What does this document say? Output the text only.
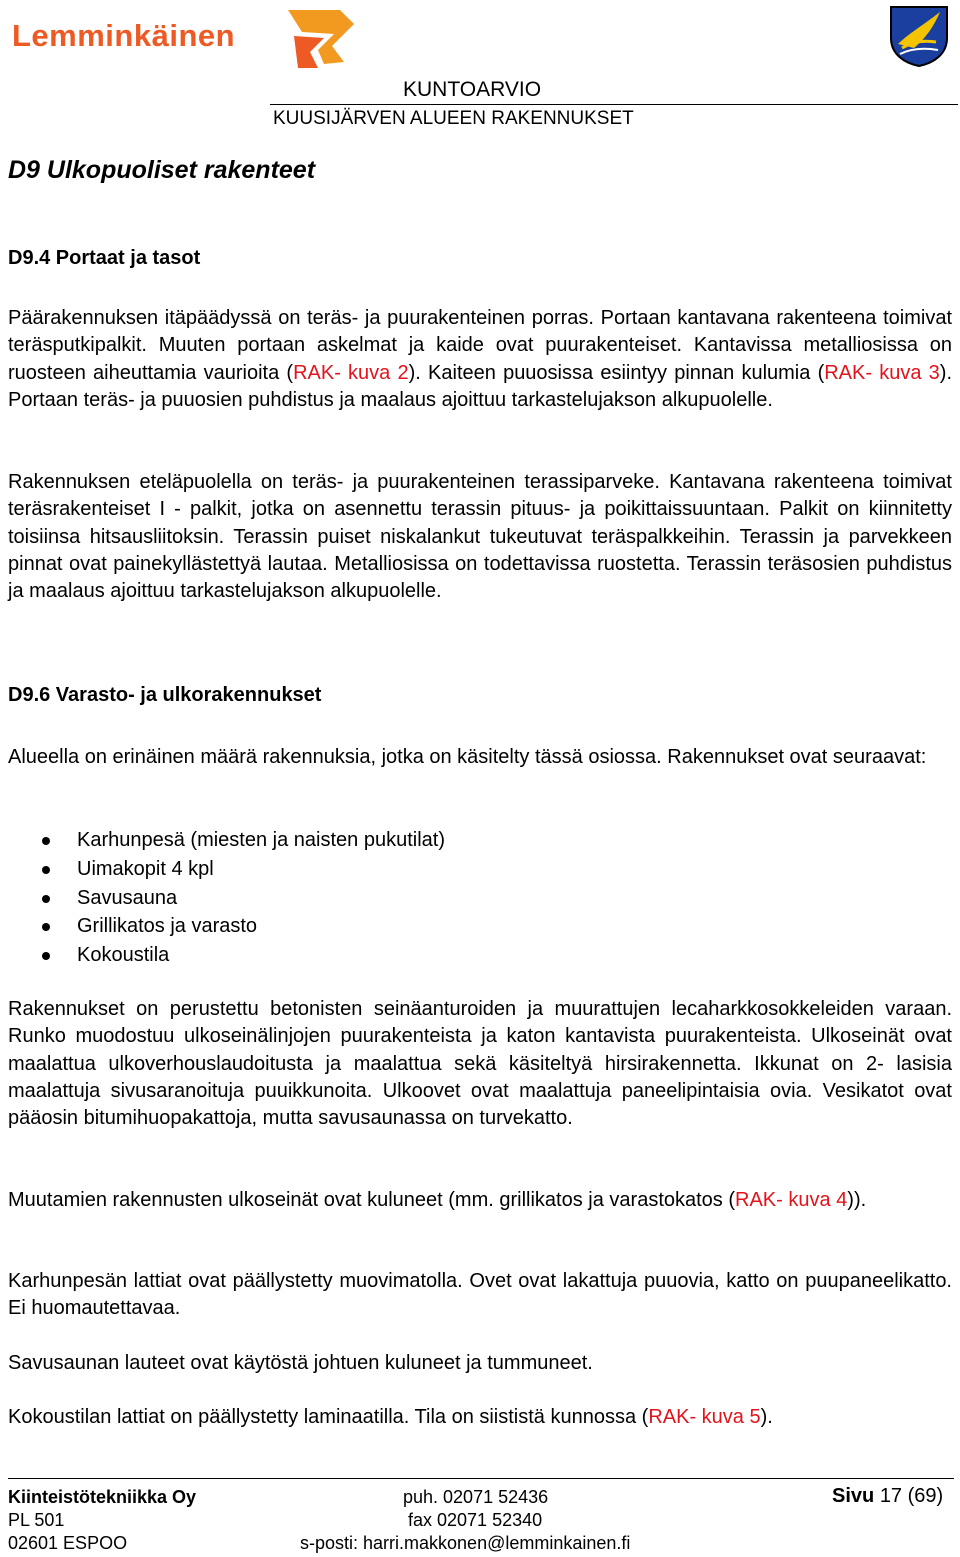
Lemminkäinen
KUNTOARVIO
KUUSIJÄRVEN ALUEEN RAKENNUKSET
D9 Ulkopuoliset rakenteet
D9.4 Portaat ja tasot

Päärakennuksen itäpäädyssä on teräs- ja puurakenteinen porras. Portaan kantavana rakenteena toimivat teräsputkipalkit. Muuten portaan askelmat ja kaide ovat puurakenteiset. Kantavissa metalliosissa on ruosteen aiheuttamia vaurioita (RAK- kuva 2). Kaiteen puuosissa esiintyy pinnan kulumia (RAK- kuva 3). Portaan teräs- ja puuosien puhdistus ja maalaus ajoittuu tarkastelujakson alkupuolelle.

Rakennuksen eteläpuolella on teräs- ja puurakenteinen terassiparveke. Kantavana rakenteena toimivat teräsrakenteiset I - palkit, jotka on asennettu terassin pituus- ja poikittaissuuntaan. Palkit on kiinnitetty toisiinsa hitsausliitoksin. Terassin puiset niskalankut tukeutuvat teräspalkkeihin. Terassin ja parvekkeen pinnat ovat painekyllästettyä lautaa. Metalliosissa on todettavissa ruostetta. Terassin teräsosien puhdistus ja maalaus ajoittuu tarkastelujakson alkupuolelle.

D9.6 Varasto- ja ulkorakennukset

Alueella on erinäinen määrä rakennuksia, jotka on käsitelty tässä osiossa. Rakennukset ovat seuraavat:

Karhunpesä (miesten ja naisten pukutilat)
Uimakopit 4 kpl
Savusauna
Grillikatos ja varasto
Kokoustila

Rakennukset on perustettu betonisten seinäanturoiden ja muurattujen lecaharkkosokkeleiden varaan. Runko muodostuu ulkoseinälinjojen puurakenteista ja katon kantavista puurakenteista. Ulkoseinät ovat maalattua ulkoverhouslaudoitusta ja maalattua sekä käsiteltyä hirsirakennetta. Ikkunat on 2- lasisia maalattuja sivusaranoituja puuikkunoita. Ulkoovet ovat maalattuja paneelipintaisia ovia. Vesikatot ovat pääosin bitumihuopakattoja, mutta savusaunassa on turvekatto.

Muutamien rakennusten ulkoseinät ovat kuluneet (mm. grillikatos ja varastokatos (RAK- kuva 4)).

Karhunpesän lattiat ovat päällystetty muovimatolla. Ovet ovat lakattuja puuovia, katto on puupaneelikatto. Ei huomautettavaa.

Savusaunan lauteet ovat käytöstä johtuen kuluneet ja tummuneet.

Kokoustilan lattiat on päällystetty laminaatilla. Tila on siististä kunnossa (RAK- kuva 5).

Kiinteistötekniikka Oy
PL 501
02601 ESPOO
puh. 02071 52436
fax 02071 52340
s-posti: harri.makkonen@lemminkainen.fi
Sivu 17 (69)
